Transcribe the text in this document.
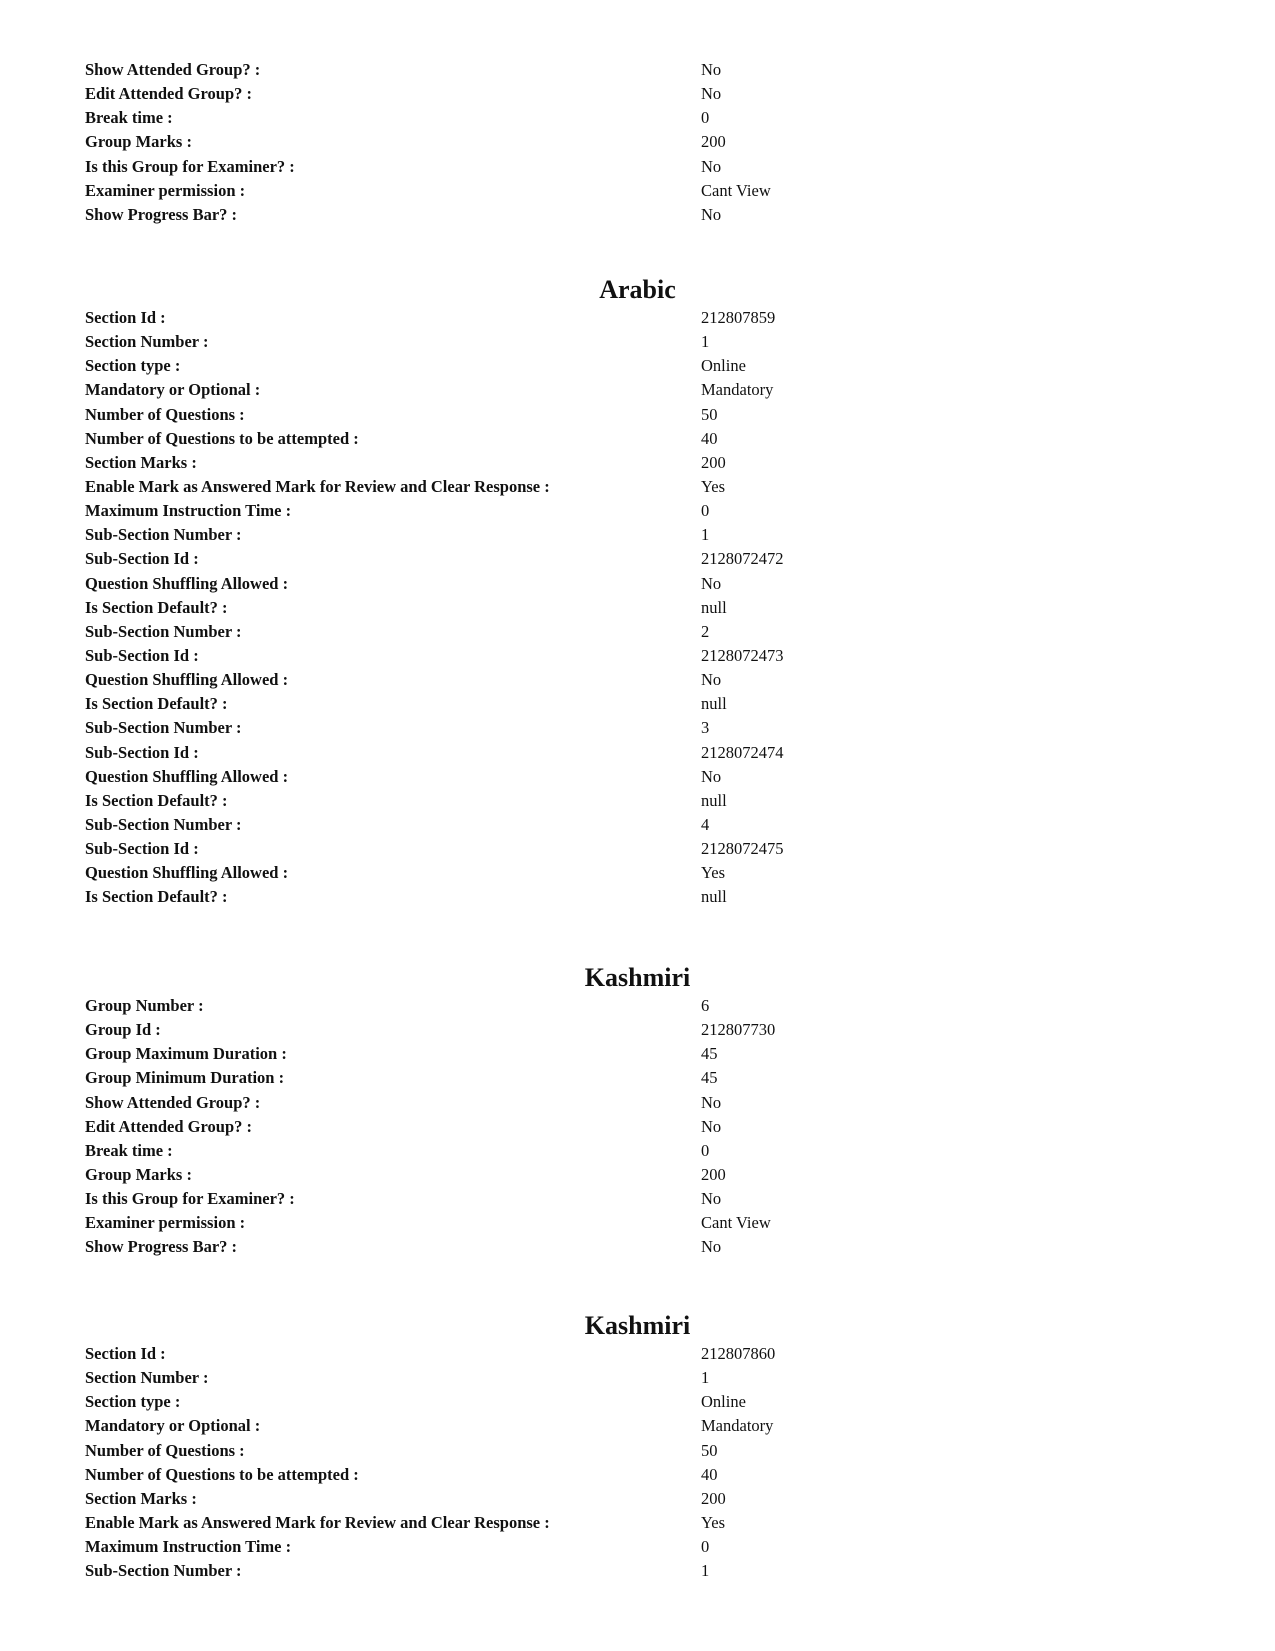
Show Attended Group? :	No
Edit Attended Group? :	No
Break time :	0
Group Marks :	200
Is this Group for Examiner? :	No
Examiner permission :	Cant View
Show Progress Bar? :	No
Arabic
Section Id :	212807859
Section Number :	1
Section type :	Online
Mandatory or Optional :	Mandatory
Number of Questions :	50
Number of Questions to be attempted :	40
Section Marks :	200
Enable Mark as Answered Mark for Review and Clear Response :	Yes
Maximum Instruction Time :	0
Sub-Section Number :	1
Sub-Section Id :	2128072472
Question Shuffling Allowed :	No
Is Section Default? :	null
Sub-Section Number :	2
Sub-Section Id :	2128072473
Question Shuffling Allowed :	No
Is Section Default? :	null
Sub-Section Number :	3
Sub-Section Id :	2128072474
Question Shuffling Allowed :	No
Is Section Default? :	null
Sub-Section Number :	4
Sub-Section Id :	2128072475
Question Shuffling Allowed :	Yes
Is Section Default? :	null
Kashmiri
Group Number :	6
Group Id :	212807730
Group Maximum Duration :	45
Group Minimum Duration :	45
Show Attended Group? :	No
Edit Attended Group? :	No
Break time :	0
Group Marks :	200
Is this Group for Examiner? :	No
Examiner permission :	Cant View
Show Progress Bar? :	No
Kashmiri
Section Id :	212807860
Section Number :	1
Section type :	Online
Mandatory or Optional :	Mandatory
Number of Questions :	50
Number of Questions to be attempted :	40
Section Marks :	200
Enable Mark as Answered Mark for Review and Clear Response :	Yes
Maximum Instruction Time :	0
Sub-Section Number :	1
